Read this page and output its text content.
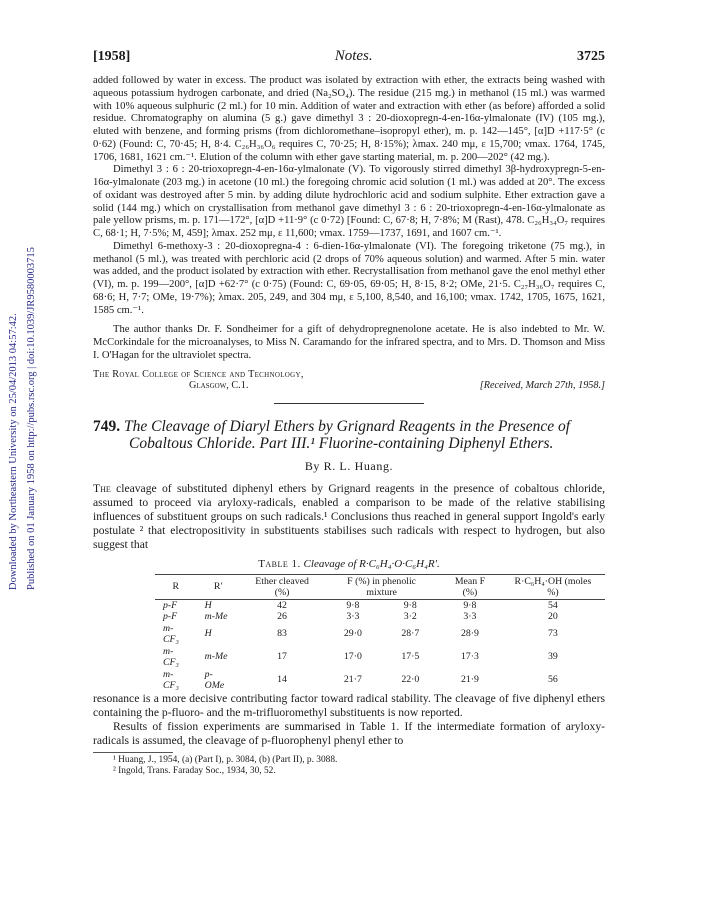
Downloaded by Northeastern University on 25/04/2013 04:57:42. Published on 01 January 1958 on http://pubs.rsc.org | doi:10.1039/JR9580003715
[1958]	Notes.	3725

added followed by water in excess. The product was isolated by extraction with ether, the extracts being washed with aqueous potassium hydrogen carbonate, and dried (Na₂SO₄). The residue (215 mg.) in methanol (15 ml.) was warmed with 10% aqueous sulphuric (2 ml.) for 10 min. Addition of water and extraction with ether (as before) afforded a solid residue. Chromatography on alumina (5 g.) gave dimethyl 3 : 20-dioxopregn-4-en-16α-ylmalonate (IV) (105 mg.), eluted with benzene, and forming prisms (from dichloromethane–isopropyl ether), m. p. 142—145°, [α]D +117·5° (c 0·62) (Found: C, 70·45; H, 8·4. C₂₆H₃₆O₆ requires C, 70·25; H, 8·15%); λmax. 240 mμ, ε 15,700; νmax. 1764, 1745, 1706, 1681, 1621 cm.⁻¹. Elution of the column with ether gave starting material, m. p. 200—202° (42 mg.).

Dimethyl 3 : 6 : 20-trioxopregn-4-en-16α-ylmalonate (V). To vigorously stirred dimethyl 3β-hydroxypregn-5-en-16α-ylmalonate (203 mg.) in acetone (10 ml.) the foregoing chromic acid solution (1 ml.) was added at 20°. The excess of oxidant was destroyed after 5 min. by adding dilute hydrochloric acid and sodium sulphite. Ether extraction gave a solid (144 mg.) which on crystallisation from methanol gave dimethyl 3 : 6 : 20-trioxopregn-4-en-16α-ylmalonate as pale yellow prisms, m. p. 171—172°, [α]D +11·9° (c 0·72) [Found: C, 67·8; H, 7·8%; M (Rast), 478. C₂₆H₃₄O₇ requires C, 68·1; H, 7·5%; M, 459]; λmax. 252 mμ, ε 11,600; νmax. 1759—1737, 1691, and 1607 cm.⁻¹.

Dimethyl 6-methoxy-3 : 20-dioxopregna-4 : 6-dien-16α-ylmalonate (VI). The foregoing triketone (75 mg.), in methanol (5 ml.), was treated with perchloric acid (2 drops of 70% aqueous solution) and warmed. After 5 min. water was added, and the product isolated by extraction with ether. Recrystallisation from methanol gave the enol methyl ether (VI), m. p. 199—200°, [α]D +62·7° (c 0·75) (Found: C, 69·05, 69·05; H, 8·15, 8·2; OMe, 21·5. C₂₇H₃₆O₇ requires C, 68·6; H, 7·7; OMe, 19·7%); λmax. 205, 249, and 304 mμ, ε 5,100, 8,540, and 16,100; νmax. 1742, 1705, 1675, 1621, 1585 cm.⁻¹.

The author thanks Dr. F. Sondheimer for a gift of dehydropregnenolone acetate. He is also indebted to Mr. W. McCorkindale for the microanalyses, to Miss N. Caramando for the infrared spectra, and to Mrs. D. Thomson and Miss I. O'Hagan for the ultraviolet spectra.

The Royal College of Science and Technology,
Glasgow, C.1.	[Received, March 27th, 1958.]
749. The Cleavage of Diaryl Ethers by Grignard Reagents in the Presence of Cobaltous Chloride. Part III.¹ Fluorine-containing Diphenyl Ethers.
By R. L. Huang.

The cleavage of substituted diphenyl ethers by Grignard reagents in the presence of cobaltous chloride, assumed to proceed via aryloxy-radicals, enabled a comparison to be made of the relative stabilising influences of substituent groups on such radicals.¹ Conclusions thus reached in general support Ingold's early postulate ² that electropositivity in substituents stabilises such radicals with respect to hydrogen, but also suggest that

Table 1. Cleavage of R·C₆H₄·O·C₆H₄R′.
R	R′	Ether cleaved (%)	F (%) in phenolic mixture		Mean F (%)	R·C₆H₄·OH (moles %)
p-F	H	42	9·8	9·8	9·8	54
p-F	m-Me	26	3·3	3·2	3·3	20
m-CF₃	H	83	29·0	28·7	28·9	73
m-CF₃	m-Me	17	17·0	17·5	17·3	39
m-CF₃	p-OMe	14	21·7	22·0	21·9	56

resonance is a more decisive contributing factor toward radical stability. The cleavage of five diphenyl ethers containing the p-fluoro- and the m-trifluoromethyl substituents is now reported.

Results of fission experiments are summarised in Table 1. If the intermediate formation of aryloxy-radicals is assumed, the cleavage of p-fluorophenyl phenyl ether to

¹ Huang, J., 1954, (a) (Part I), p. 3084, (b) (Part II), p. 3088.
² Ingold, Trans. Faraday Soc., 1934, 30, 52.
